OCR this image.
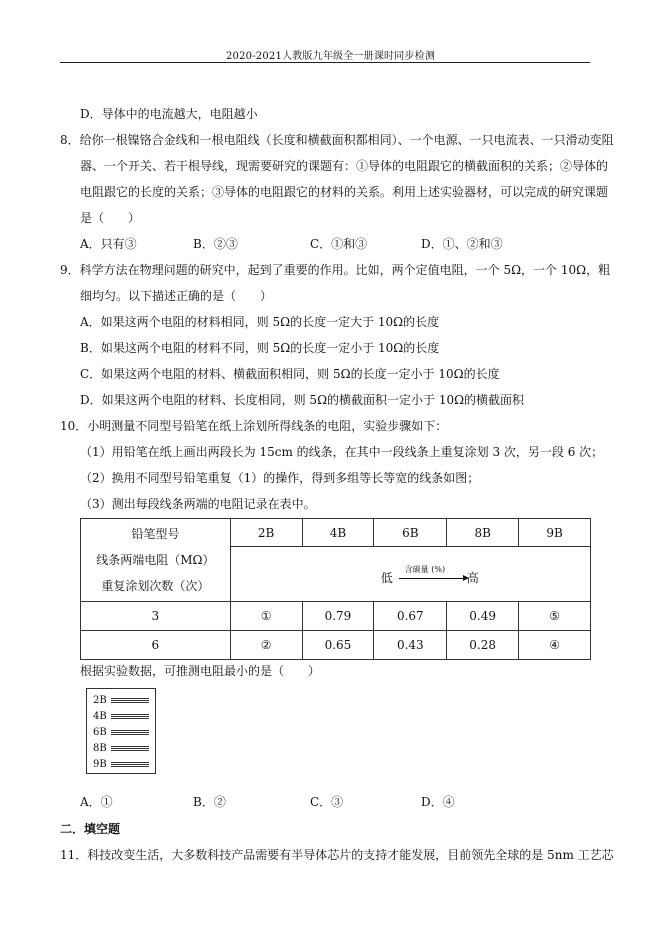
2020-2021人教版九年级全一册课时同步检测
D．导体中的电流越大，电阻越小
8．给你一根镍铬合金线和一根电阻线（长度和横截面积都相同）、一个电源、一只电流表、一只滑动变阻
器、一个开关、若干根导线，现需要研究的课题有：①导体的电阻跟它的横截面积的关系；②导体的
电阻跟它的长度的关系；③导体的电阻跟它的材料的关系。利用上述实验器材，可以完成的研究课题
是（　　）
A．只有③	B．②③	C．①和③	D．①、②和③
9．科学方法在物理问题的研究中，起到了重要的作用。比如，两个定值电阻，一个 5Ω，一个 10Ω，粗
细均匀。以下描述正确的是（　　）
A．如果这两个电阻的材料相同，则 5Ω的长度一定大于 10Ω的长度
B．如果这两个电阻的材料不同，则 5Ω的长度一定小于 10Ω的长度
C．如果这两个电阻的材料、横截面积相同，则 5Ω的长度一定小于 10Ω的长度
D．如果这两个电阻的材料、长度相同，则 5Ω的横截面积一定小于 10Ω的横截面积
10．小明测量不同型号铅笔在纸上涂划所得线条的电阻，实验步骤如下：
（1）用铅笔在纸上画出两段长为 15cm 的线条，在其中一段线条上重复涂划 3 次，另一段 6 次；
（2）换用不同型号铅笔重复（1）的操作，得到多组等长等宽的线条如图；
（3）测出每段线条两端的电阻记录在表中。
铅笔型号
线条两端电阻（MΩ）
重复涂划次数（次）	2B	4B	6B	8B	9B

	低
含碳量 (%)
高				

3	①	0.79	0.67	0.49	⑤
6	②	0.65	0.43	0.28	④
根据实验数据，可推测电阻最小的是（　　）
2B
4B
6B
8B
9B
A．①	B．②	C．③	D．④
二．填空题
11．科技改变生活，大多数科技产品需要有半导体芯片的支持才能发展，目前领先全球的是 5nm 工艺芯
